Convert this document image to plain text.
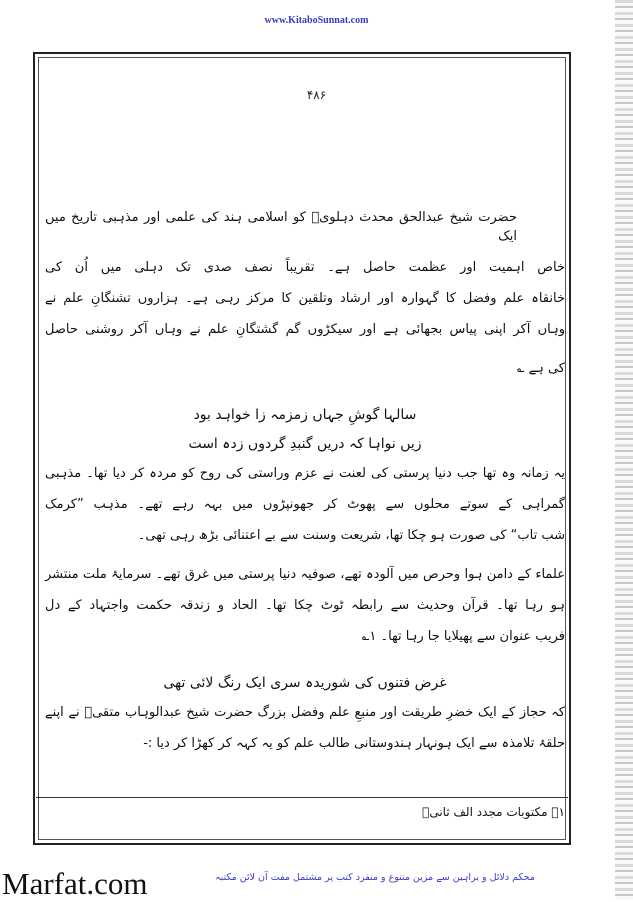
www.KitaboSunnat.com
۴۸۶
حضرت شیخ عبدالحق محدث دہلویؒ کو اسلامی ہند کی علمی اور مذہبی تاریخ میں ایک
خاص اہمیت اور عظمت حاصل ہے۔ تقریباً نصف صدی تک دہلی میں اُن کی
خانقاہ علم وفضل کا گہوارہ اور ارشاد وتلقین کا مرکز رہی ہے۔ ہزاروں تشنگانِ علم نے
وہاں آکر اپنی پیاس بجھائی ہے اور سیکڑوں گم گشتگانِ علم نے وہاں آکر روشنی حاصل
کی ہے ؎
سالہا گوشِ جہاں زمزمہ زا خواہد بود
زیں نواہا کہ دریں گنبدِ گردوں زدہ است
یہ زمانہ وہ تھا جب دنیا پرستی کی لعنت نے عزم وراستی کی روح کو مردہ کر دیا تھا۔ مذہبی
گمراہی کے سوتے محلوں سے پھوٹ کر جھونپڑوں میں بہہ رہے تھے۔ مذہب ”کرمک
شب تاب“ کی صورت ہو چکا تھا، شریعت وسنت سے بے اعتنائی بڑھ رہی تھی۔
علماء کے دامن ہوا وحرص میں آلودہ تھے، صوفیہ دنیا پرستی میں غرق تھے۔ سرمایۂ ملت منتشر
ہو رہا تھا۔ قرآن وحدیث سے رابطہ ٹوٹ چکا تھا۔ الحاد و زندقہ حکمت واجتہاد کے دل
فریب عنوان سے پھیلایا جا رہا تھا۔ ۱؎
غرض فتنوں کی شوریدہ سری ایک رنگ لائی تھی
کہ حجاز کے ایک خضرِ طریقت اور منبعِ علم وفضل بزرگ حضرت شیخ عبدالوہاب متقیؒ نے اپنے
حلقۂ تلامذہ سے ایک ہونہار ہندوستانی طالب علم کو یہ کہہ کر کھڑا کر دیا :-
۱؎ مکتوبات مجدد الف ثانیؒ
Marfat.com	محکم دلائل و براہین سے مزین متنوع و منفرد کتب پر مشتمل مفت آن لائن مکتبہ
